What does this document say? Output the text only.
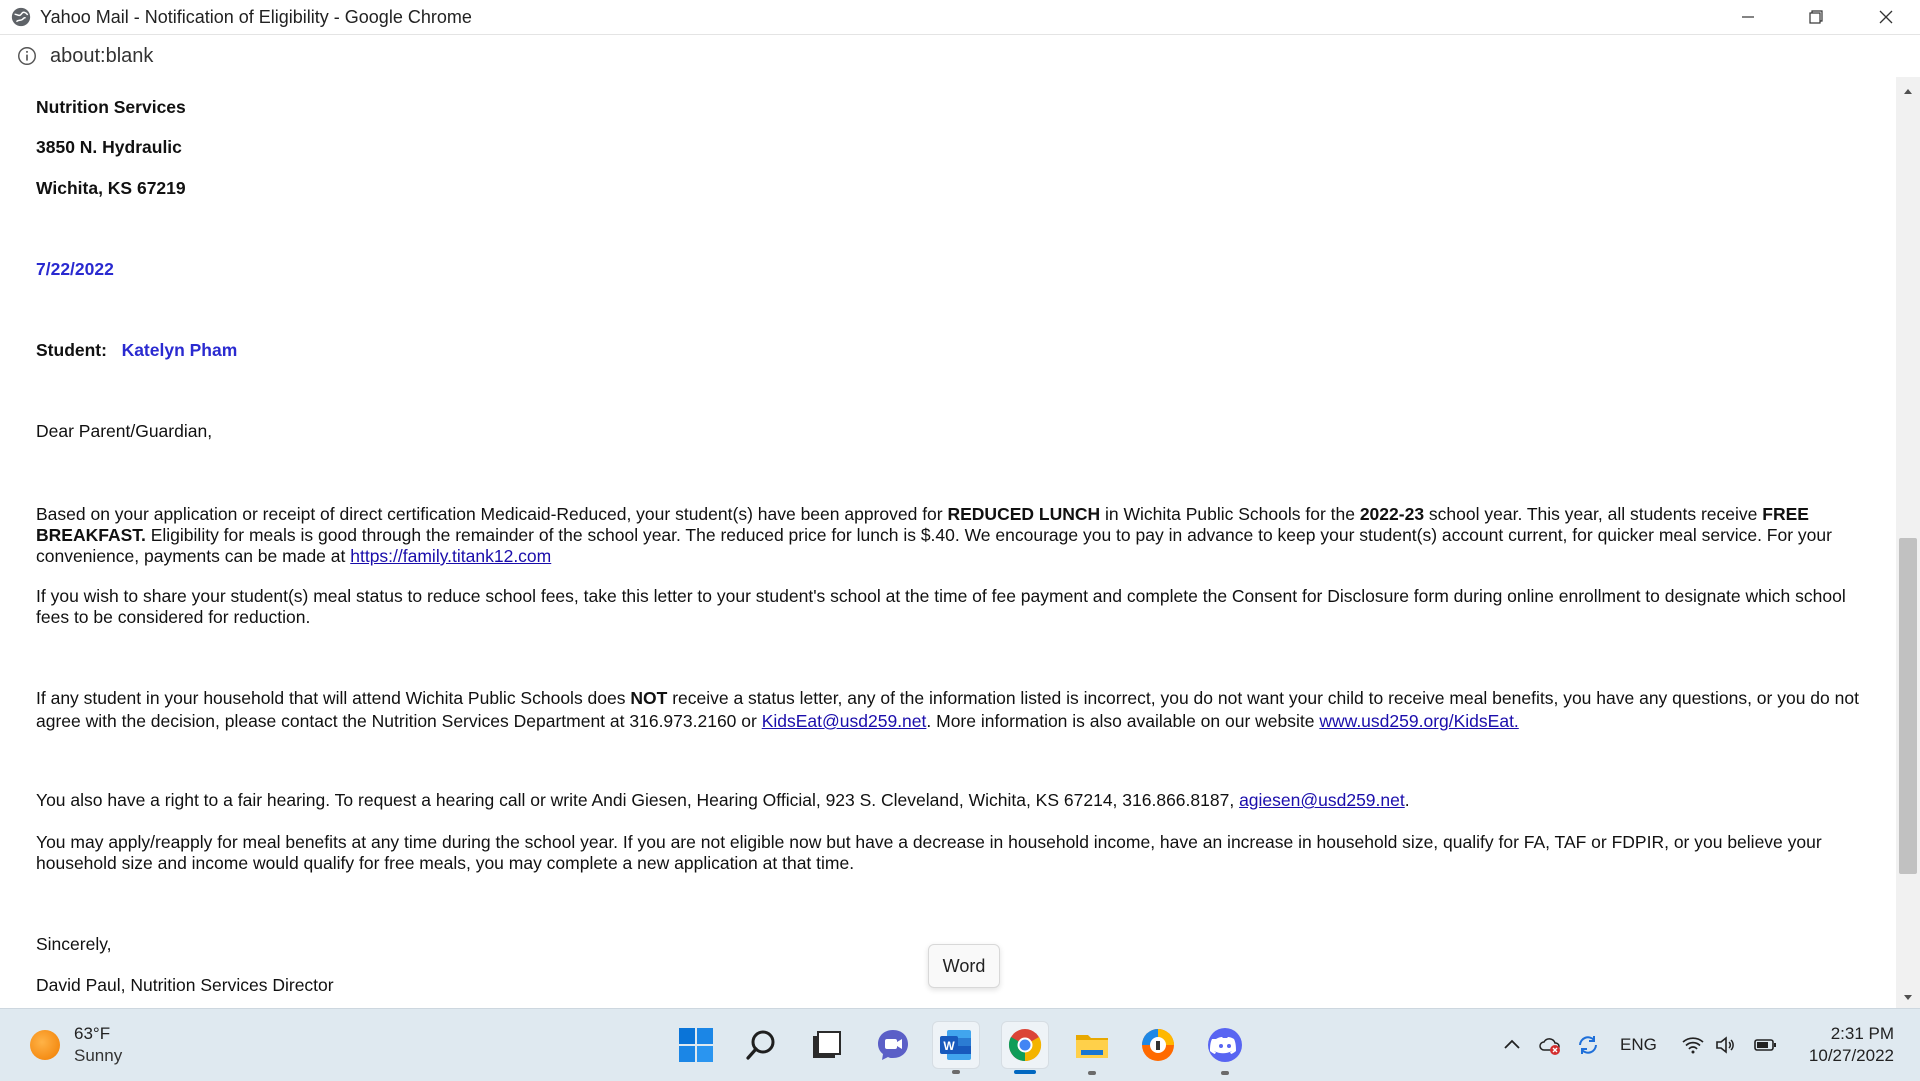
Yahoo Mail - Notification of Eligibility - Google Chrome
about:blank

Nutrition Services

3850 N. Hydraulic

Wichita, KS 67219

7/22/2022

Student: Katelyn Pham

Dear Parent/Guardian,

Based on your application or receipt of direct certification Medicaid-Reduced, your student(s) have been approved for REDUCED LUNCH in Wichita Public Schools for the 2022-23 school year. This year, all students receive FREE BREAKFAST. Eligibility for meals is good through the remainder of the school year. The reduced price for lunch is $.40. We encourage you to pay in advance to keep your student(s) account current, for quicker meal service. For your convenience, payments can be made at https://family.titank12.com

If you wish to share your student(s) meal status to reduce school fees, take this letter to your student's school at the time of fee payment and complete the Consent for Disclosure form during online enrollment to designate which school fees to be considered for reduction.

If any student in your household that will attend Wichita Public Schools does NOT receive a status letter, any of the information listed is incorrect, you do not want your child to receive meal benefits, you have any questions, or you do not agree with the decision, please contact the Nutrition Services Department at 316.973.2160 or KidsEat@usd259.net. More information is also available on our website www.usd259.org/KidsEat.

You also have a right to a fair hearing. To request a hearing call or write Andi Giesen, Hearing Official, 923 S. Cleveland, Wichita, KS 67214, 316.866.8187, agiesen@usd259.net.

You may apply/reapply for meal benefits at any time during the school year. If you are not eligible now but have a decrease in household income, have an increase in household size, qualify for FA, TAF or FDPIR, or you believe your household size and income would qualify for free meals, you may complete a new application at that time.

Sincerely,

David Paul, Nutrition Services Director

Word
63°F
Sunny	W	ENG
2:31 PM
10/27/2022
